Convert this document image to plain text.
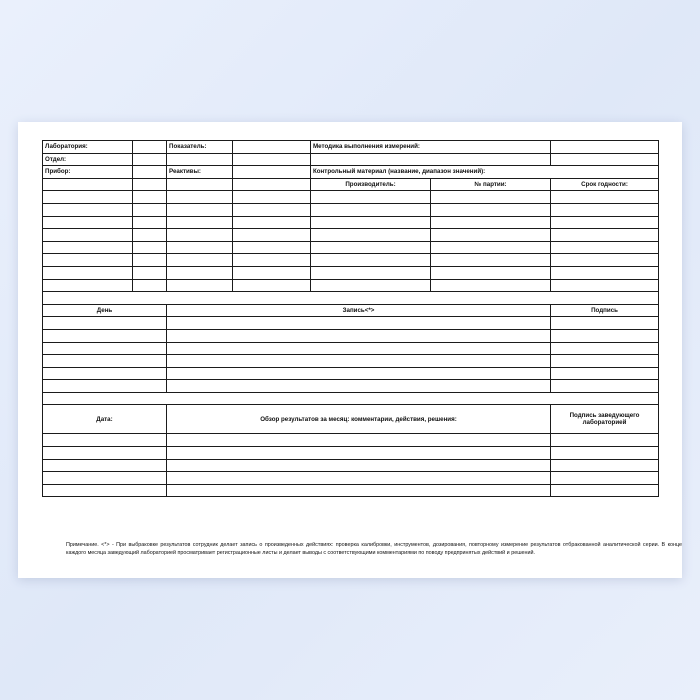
Лаборатория:		Показатель:		Методика выполнения измерений:		
Отдел:						
Прибор:		Реактивы:		Контрольный материал (название, диапазон значений):		
				Производитель:	№ партии:	Срок годности:

День		Запись<*>				Подпись

Дата:		Обзор результатов за месяц: комментарии, действия, решения:				Подпись заведующего лабораторией

Примечание. <*> - При выбраковке результатов сотрудник делает запись о произведенных действиях: проверка калибровки, инструментов, дозирования, повторному измерение результатов отбракованной аналитической серии. В конце каждого месяца заведующий лабораторией просматривает регистрационные листы и делает выводы с соответствующими комментариями по поводу предпринятых действий и решений.
